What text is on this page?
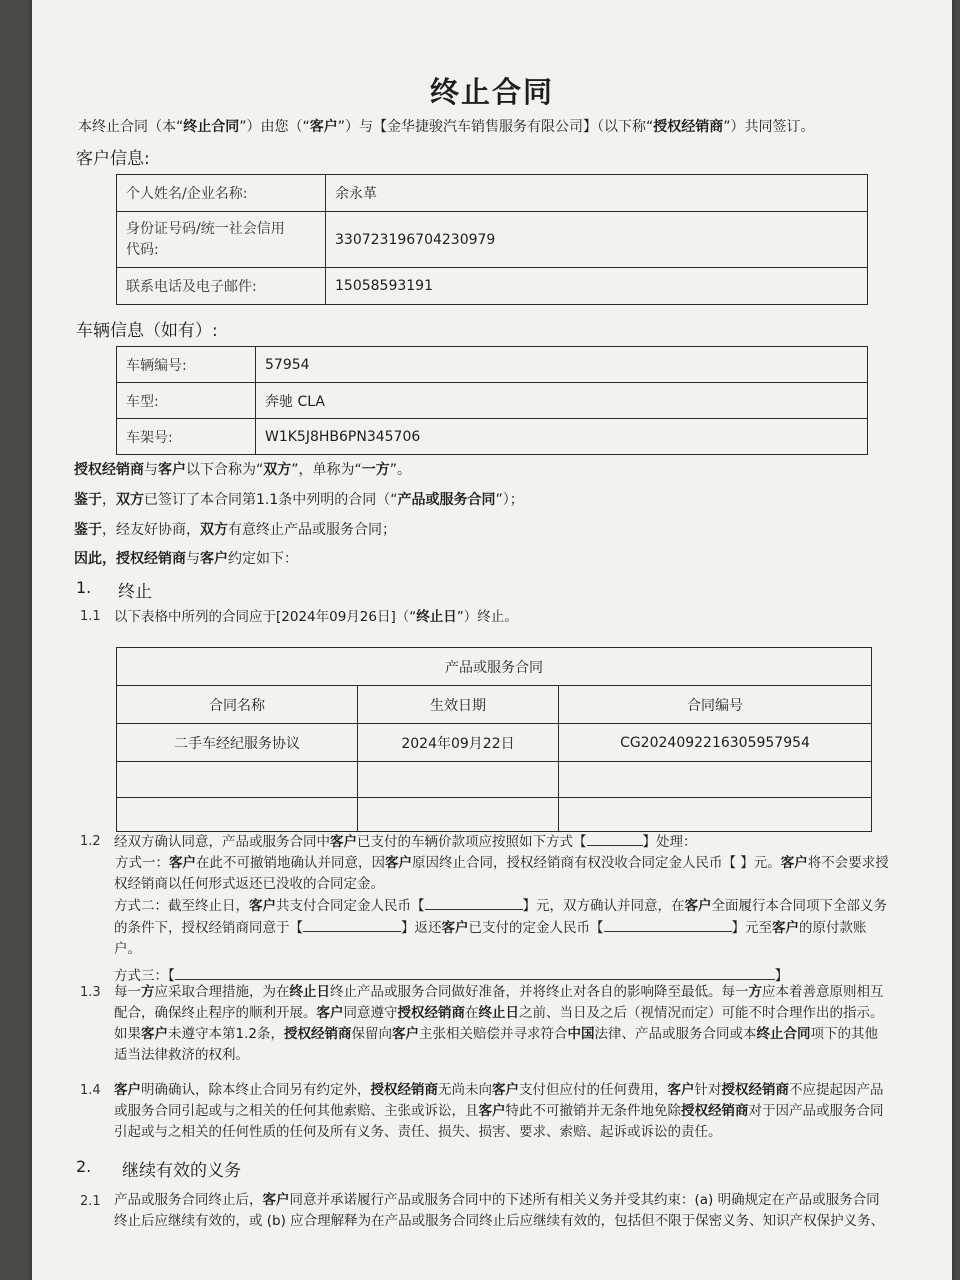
终止合同
本终止合同（本“终止合同”）由您（“客户”）与【金华捷骏汽车销售服务有限公司】（以下称“授权经销商”）共同签订。
客户信息:
个人姓名/企业名称:	余永革
身份证号码/统一社会信用
代码:	330723196704230979
联系电话及电子邮件:	15058593191
车辆信息（如有）:
车辆编号:	57954
车型:	奔驰 CLA
车架号:	W1K5J8HB6PN345706
授权经销商与客户以下合称为“双方”，单称为“一方”。
鉴于，双方已签订了本合同第1.1条中列明的合同（“产品或服务合同”）；
鉴于，经友好协商，双方有意终止产品或服务合同；
因此，授权经销商与客户约定如下：
1. 终止
1.1 以下表格中所列的合同应于[2024年09月26日]（“终止日”）终止。
产品或服务合同		
合同名称	生效日期	合同编号
二手车经纪服务协议	2024年09月22日	CG2024092216305957954

1.2 经双方确认同意，产品或服务合同中客户已支付的车辆价款项应按照如下方式【	】处理：
方式一：客户在此不可撤销地确认并同意，因客户原因终止合同，授权经销商有权没收合同定金人民币【 】元。客户将不会要求授
权经销商以任何形式返还已没收的合同定金。
方式二：截至终止日，客户共支付合同定金人民币【	】元，双方确认并同意，在客户全面履行本合同项下全部义务
的条件下，授权经销商同意于【	】返还客户已支付的定金人民币【	】元至客户的原付款账
户。
方式三：【	】
1.3 每一方应采取合理措施，为在终止日终止产品或服务合同做好准备，并将终止对各自的影响降至最低。每一方应本着善意原则相互
配合，确保终止程序的顺利开展。客户同意遵守授权经销商在终止日之前、当日及之后（视情况而定）可能不时合理作出的指示。
如果客户未遵守本第1.2条，授权经销商保留向客户主张相关赔偿并寻求符合中国法律、产品或服务合同或本终止合同项下的其他
适当法律救济的权利。
1.4 客户明确确认，除本终止合同另有约定外，授权经销商无尚未向客户支付但应付的任何费用，客户针对授权经销商不应提起因产品
或服务合同引起或与之相关的任何其他索赔、主张或诉讼，且客户特此不可撤销并无条件地免除授权经销商对于因产品或服务合同
引起或与之相关的任何性质的任何及所有义务、责任、损失、损害、要求、索赔、起诉或诉讼的责任。
2. 继续有效的义务
2.1 产品或服务合同终止后，客户同意并承诺履行产品或服务合同中的下述所有相关义务并受其约束：(a) 明确规定在产品或服务合同
终止后应继续有效的，或 (b) 应合理解释为在产品或服务合同终止后应继续有效的，包括但不限于保密义务、知识产权保护义务、
